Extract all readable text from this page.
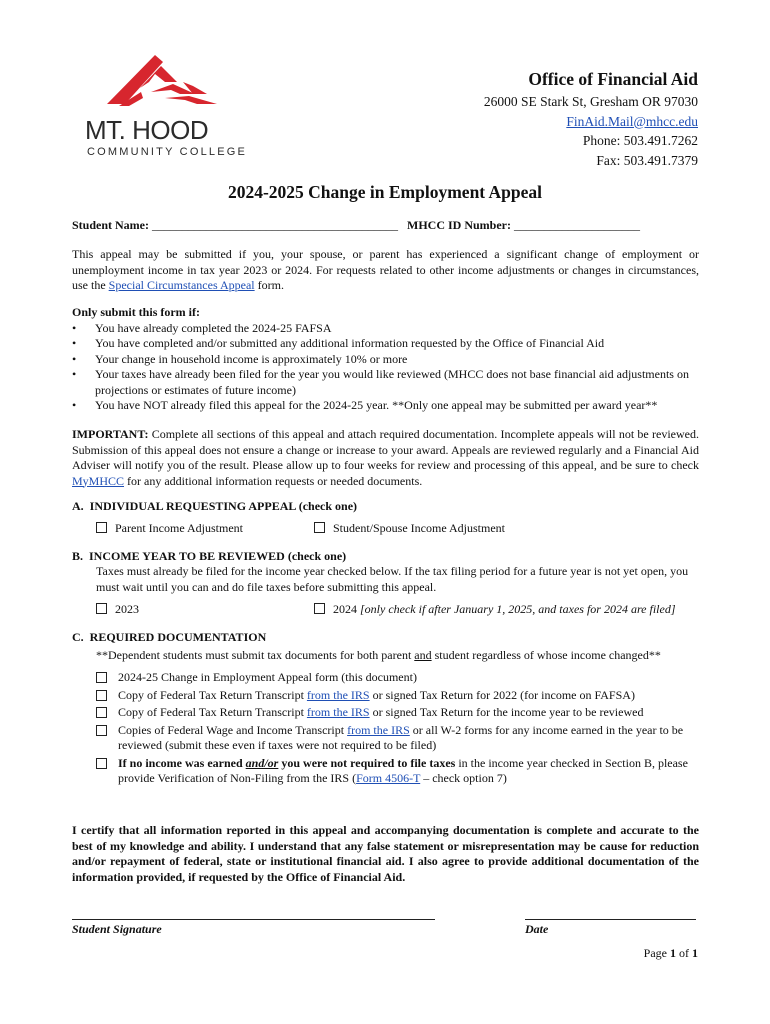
MT. HOOD
COMMUNITY COLLEGE
Office of Financial Aid
26000 SE Stark St, Gresham OR 97030
FinAid.Mail@mhcc.edu
Phone: 503.491.7262
Fax: 503.491.7379
2024-2025 Change in Employment Appeal
Student Name: _________________________________________ MHCC ID Number: _____________________
This appeal may be submitted if you, your spouse, or parent has experienced a significant change of employment or unemployment income in tax year 2023 or 2024. For requests related to other income adjustments or changes in circumstances, use the Special Circumstances Appeal form.
Only submit this form if:
• You have already completed the 2024-25 FAFSA
• You have completed and/or submitted any additional information requested by the Office of Financial Aid
• Your change in household income is approximately 10% or more
• Your taxes have already been filed for the year you would like reviewed (MHCC does not base financial aid adjustments on projections or estimates of future income)
• You have NOT already filed this appeal for the 2024-25 year. **Only one appeal may be submitted per award year**
IMPORTANT: Complete all sections of this appeal and attach required documentation. Incomplete appeals will not be reviewed. Submission of this appeal does not ensure a change or increase to your award. Appeals are reviewed regularly and a Financial Aid Adviser will notify you of the result. Please allow up to four weeks for review and processing of this appeal, and be sure to check MyMHCC for any additional information requests or needed documents.
A.  INDIVIDUAL REQUESTING APPEAL (check one)
Parent Income Adjustment	Student/Spouse Income Adjustment
B.  INCOME YEAR TO BE REVIEWED (check one)
Taxes must already be filed for the income year checked below. If the tax filing period for a future year is not yet open, you must wait until you can and do file taxes before submitting this appeal.
2023	2024 [only check if after January 1, 2025, and taxes for 2024 are filed]
C.  REQUIRED DOCUMENTATION
**Dependent students must submit tax documents for both parent and student regardless of whose income changed**
2024-25 Change in Employment Appeal form (this document)
Copy of Federal Tax Return Transcript from the IRS or signed Tax Return for 2022 (for income on FAFSA)
Copy of Federal Tax Return Transcript from the IRS or signed Tax Return for the income year to be reviewed
Copies of Federal Wage and Income Transcript from the IRS or all W-2 forms for any income earned in the year to be reviewed (submit these even if taxes were not required to be filed)
If no income was earned and/or you were not required to file taxes in the income year checked in Section B, please provide Verification of Non-Filing from the IRS (Form 4506-T – check option 7)
I certify that all information reported in this appeal and accompanying documentation is complete and accurate to the best of my knowledge and ability. I understand that any false statement or misrepresentation may be cause for reduction and/or repayment of federal, state or institutional financial aid. I also agree to provide additional documentation of the information provided, if requested by the Office of Financial Aid.
Student Signature	Date
Page 1 of 1
